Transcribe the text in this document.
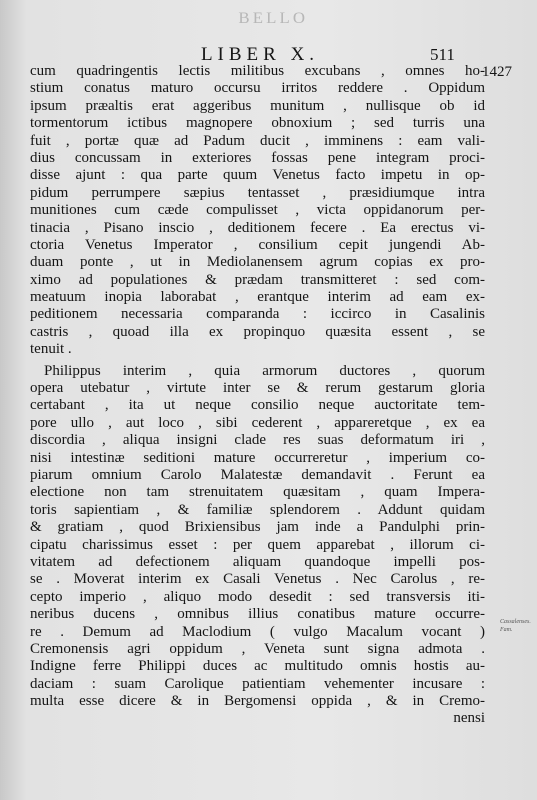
BELLO
LIBER X.	511
1427
Cassalenses. Fam.
cum quadringentis lectis militibus excubans , omnes ho-
stium conatus maturo occursu irritos reddere . Oppidum
ipsum præaltis erat aggeribus munitum , nullisque ob id
tormentorum ictibus magnopere obnoxium ; sed turris una
fuit , portæ quæ ad Padum ducit , imminens : eam vali-
dius concussam in exteriores fossas pene integram proci-
disse ajunt : qua parte quum Venetus facto impetu in op-
pidum perrumpere sæpius tentasset , præsidiumque intra
munitiones cum cæde compulisset , victa oppidanorum per-
tinacia , Pisano inscio , deditionem fecere . Ea erectus vi-
ctoria Venetus Imperator , consilium cepit jungendi Ab-
duam ponte , ut in Mediolanensem agrum copias ex pro-
ximo ad populationes & prædam transmitteret : sed com-
meatuum inopia laborabat , erantque interim ad eam ex-
peditionem necessaria comparanda : iccirco in Casalinis
castris , quoad illa ex propinquo quæsita essent , se
tenuit .
Philippus interim , quia armorum ductores , quorum
opera utebatur , virtute inter se & rerum gestarum gloria
certabant , ita ut neque consilio neque auctoritate tem-
pore ullo , aut loco , sibi cederent , appareretque , ex ea
discordia , aliqua insigni clade res suas deformatum iri ,
nisi intestinæ seditioni mature occurreretur , imperium co-
piarum omnium Carolo Malatestæ demandavit . Ferunt ea
electione non tam strenuitatem quæsitam , quam Impera-
toris sapientiam , & familiæ splendorem . Addunt quidam
& gratiam , quod Brixiensibus jam inde a Pandulphi prin-
cipatu charissimus esset : per quem apparebat , illorum ci-
vitatem ad defectionem aliquam quandoque impelli pos-
se . Moverat interim ex Casali Venetus . Nec Carolus , re-
cepto imperio , aliquo modo desedit : sed transversis iti-
neribus ducens , omnibus illius conatibus mature occurre-
re . Demum ad Maclodium ( vulgo Macalum vocant )
Cremonensis agri oppidum , Veneta sunt signa admota .
Indigne ferre Philippi duces ac multitudo omnis hostis au-
daciam : suam Carolique patientiam vehementer incusare :
multa esse dicere & in Bergomensi oppida , & in Cremo-
nensi
